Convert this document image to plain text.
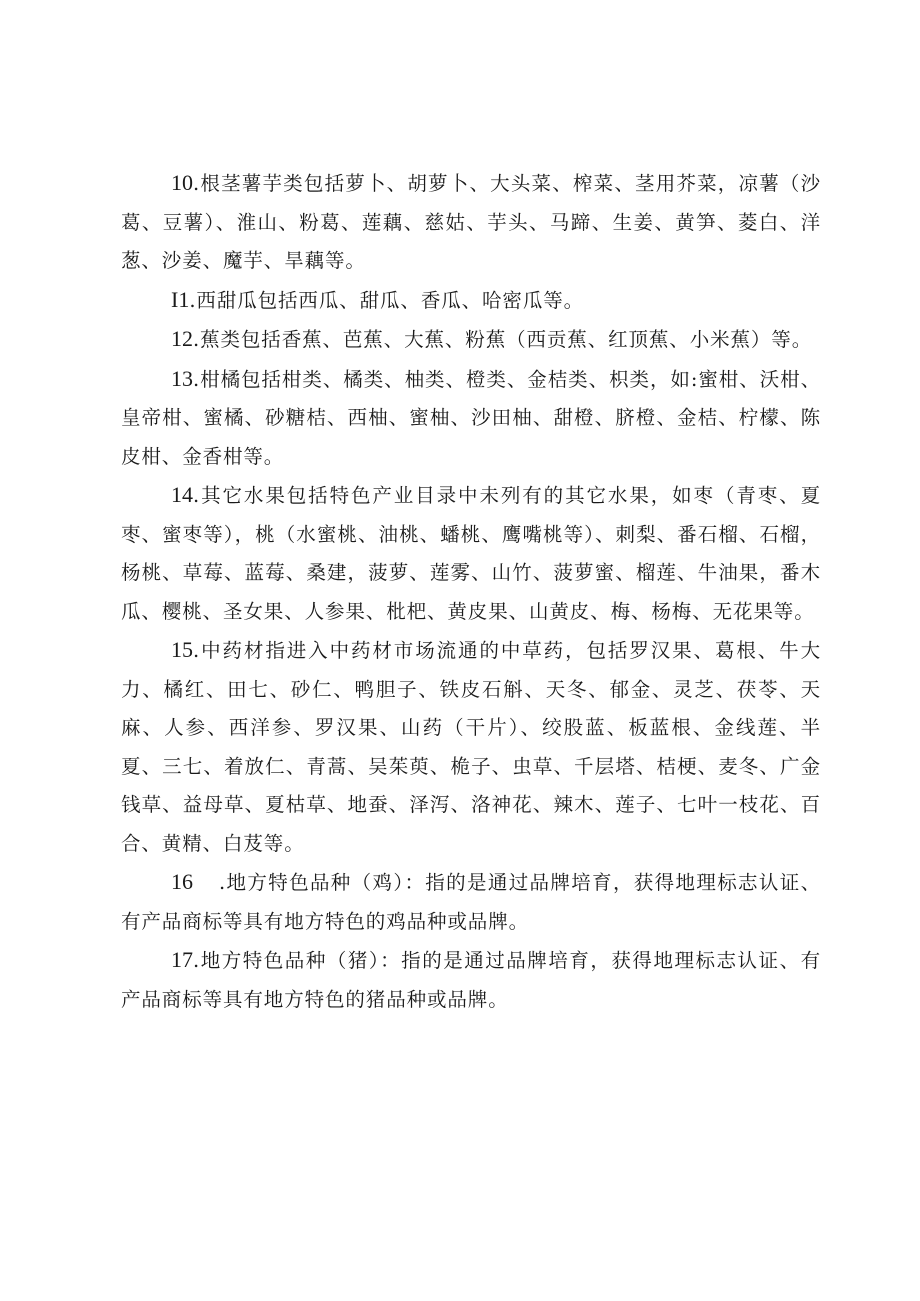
10.根茎薯芋类包括萝卜、胡萝卜、大头菜、榨菜、茎用芥菜，凉薯（沙葛、豆薯）、淮山、粉葛、莲藕、慈姑、芋头、马蹄、生姜、黄笋、菱白、洋葱、沙姜、魔芋、旱藕等。

I1.西甜瓜包括西瓜、甜瓜、香瓜、哈密瓜等。

12.蕉类包括香蕉、芭蕉、大蕉、粉蕉（西贡蕉、红顶蕉、小米蕉）等。

13.柑橘包括柑类、橘类、柚类、橙类、金桔类、枳类，如:蜜柑、沃柑、皇帝柑、蜜橘、砂糖桔、西柚、蜜柚、沙田柚、甜橙、脐橙、金桔、柠檬、陈皮柑、金香柑等。

14.其它水果包括特色产业目录中未列有的其它水果，如枣（青枣、夏枣、蜜枣等），桃（水蜜桃、油桃、蟠桃、鹰嘴桃等）、刺梨、番石榴、石榴，杨桃、草莓、蓝莓、桑建，菠萝、莲雾、山竹、菠萝蜜、榴莲、牛油果，番木瓜、樱桃、圣女果、人参果、枇杷、黄皮果、山黄皮、梅、杨梅、无花果等。

15.中药材指进入中药材市场流通的中草药，包括罗汉果、葛根、牛大力、橘红、田七、砂仁、鸭胆子、铁皮石斛、天冬、郁金、灵芝、茯苓、天麻、人参、西洋参、罗汉果、山药（干片）、绞股蓝、板蓝根、金线莲、半夏、三七、着放仁、青蒿、吴茱萸、桅子、虫草、千层塔、桔梗、麦冬、广金钱草、益母草、夏枯草、地蚕、泽泻、洛神花、辣木、莲子、七叶一枝花、百合、黄精、白芨等。

16 .地方特色品种（鸡）：指的是通过品牌培育，获得地理标志认证、有产品商标等具有地方特色的鸡品种或品牌。

17.地方特色品种（猪）：指的是通过品牌培育，获得地理标志认证、有产品商标等具有地方特色的猪品种或品牌。
